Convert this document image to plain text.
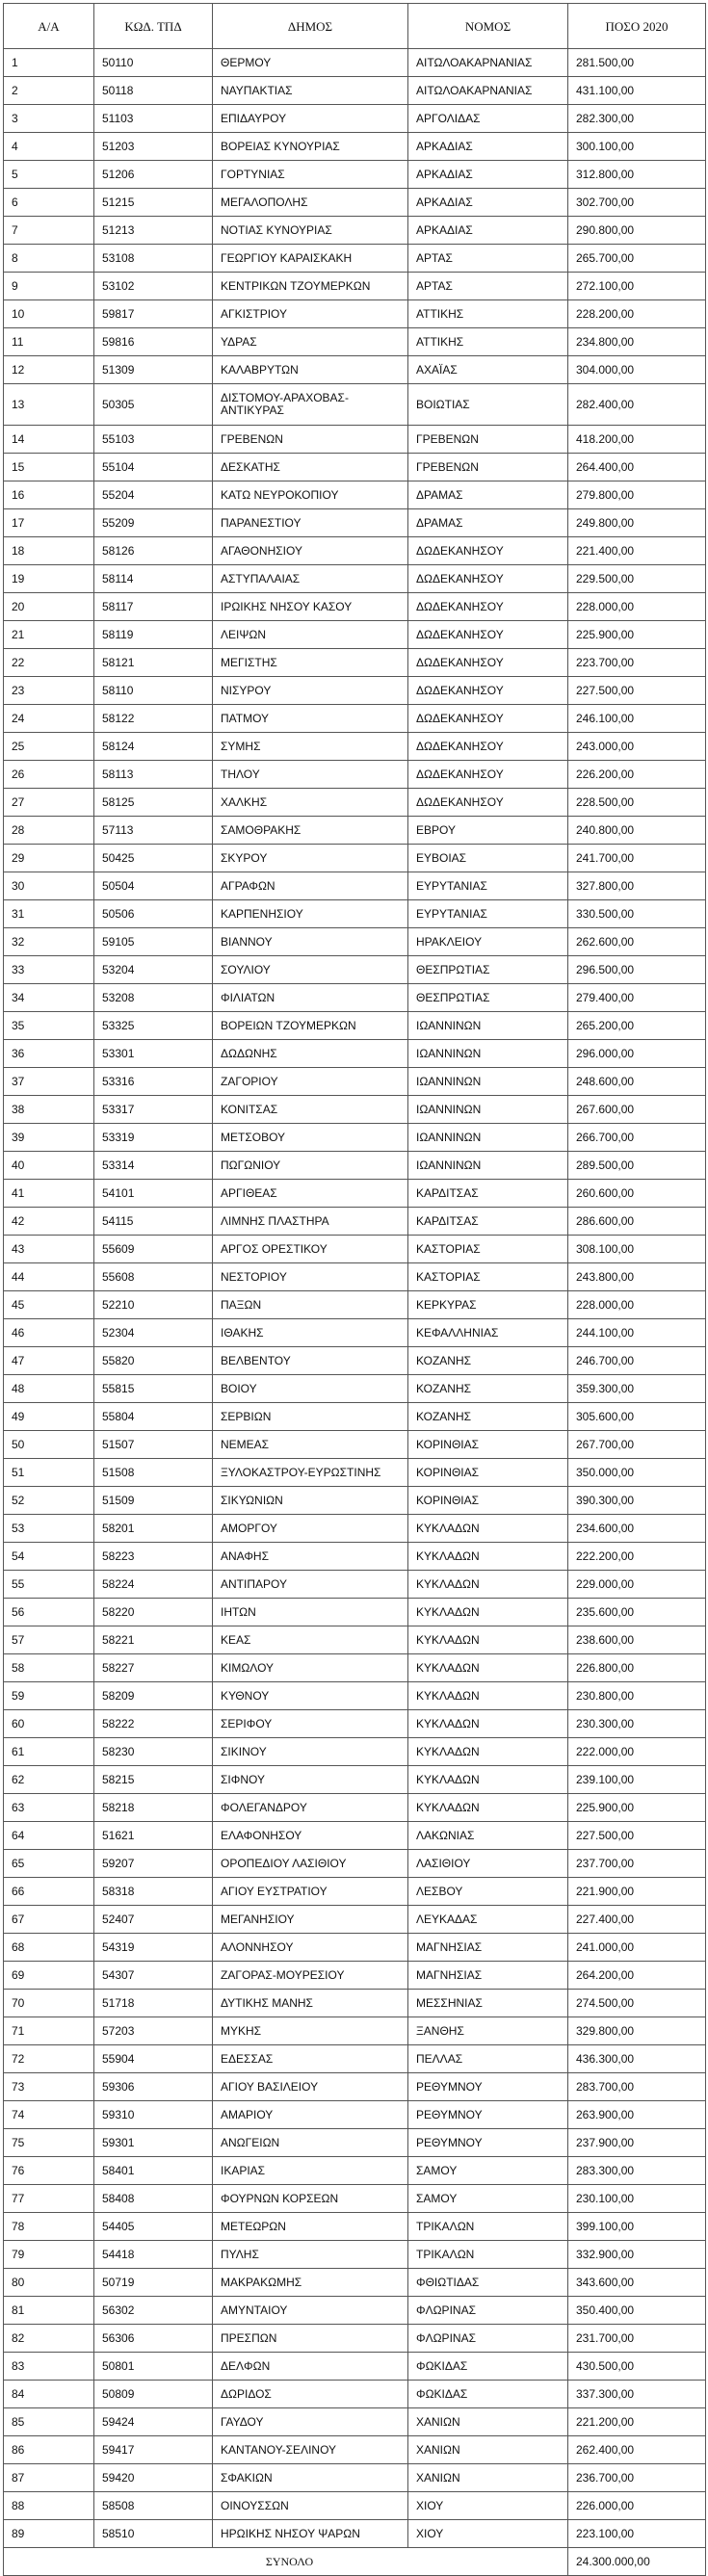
Α/Α	ΚΩΔ. ΤΠΔ	ΔΗΜΟΣ	ΝΟΜΟΣ	ΠΟΣΟ 2020
1	50110	ΘΕΡΜΟΥ	ΑΙΤΩΛΟΑΚΑΡΝΑΝΙΑΣ	281.500,00
2	50118	ΝΑΥΠΑΚΤΙΑΣ	ΑΙΤΩΛΟΑΚΑΡΝΑΝΙΑΣ	431.100,00
3	51103	ΕΠΙΔΑΥΡΟΥ	ΑΡΓΟΛΙΔΑΣ	282.300,00
4	51203	ΒΟΡΕΙΑΣ ΚΥΝΟΥΡΙΑΣ	ΑΡΚΑΔΙΑΣ	300.100,00
5	51206	ΓΟΡΤΥΝΙΑΣ	ΑΡΚΑΔΙΑΣ	312.800,00
6	51215	ΜΕΓΑΛΟΠΟΛΗΣ	ΑΡΚΑΔΙΑΣ	302.700,00
7	51213	ΝΟΤΙΑΣ ΚΥΝΟΥΡΙΑΣ	ΑΡΚΑΔΙΑΣ	290.800,00
8	53108	ΓΕΩΡΓΙΟΥ ΚΑΡΑΙΣΚΑΚΗ	ΑΡΤΑΣ	265.700,00
9	53102	ΚΕΝΤΡΙΚΩΝ ΤΖΟΥΜΕΡΚΩΝ	ΑΡΤΑΣ	272.100,00
10	59817	ΑΓΚΙΣΤΡΙΟΥ	ΑΤΤΙΚΗΣ	228.200,00
11	59816	ΥΔΡΑΣ	ΑΤΤΙΚΗΣ	234.800,00
12	51309	ΚΑΛΑΒΡΥΤΩΝ	ΑΧΑΪΑΣ	304.000,00
13	50305	ΔΙΣΤΟΜΟΥ-ΑΡΑΧΟΒΑΣ-ΑΝΤΙΚΥΡΑΣ	ΒΟΙΩΤΙΑΣ	282.400,00
14	55103	ΓΡΕΒΕΝΩΝ	ΓΡΕΒΕΝΩΝ	418.200,00
15	55104	ΔΕΣΚΑΤΗΣ	ΓΡΕΒΕΝΩΝ	264.400,00
16	55204	ΚΑΤΩ ΝΕΥΡΟΚΟΠΙΟΥ	ΔΡΑΜΑΣ	279.800,00
17	55209	ΠΑΡΑΝΕΣΤΙΟΥ	ΔΡΑΜΑΣ	249.800,00
18	58126	ΑΓΑΘΟΝΗΣΙΟΥ	ΔΩΔΕΚΑΝΗΣΟΥ	221.400,00
19	58114	ΑΣΤΥΠΑΛΑΙΑΣ	ΔΩΔΕΚΑΝΗΣΟΥ	229.500,00
20	58117	ΙΡΩΙΚΗΣ ΝΗΣΟΥ ΚΑΣΟΥ	ΔΩΔΕΚΑΝΗΣΟΥ	228.000,00
21	58119	ΛΕΙΨΩΝ	ΔΩΔΕΚΑΝΗΣΟΥ	225.900,00
22	58121	ΜΕΓΙΣΤΗΣ	ΔΩΔΕΚΑΝΗΣΟΥ	223.700,00
23	58110	ΝΙΣΥΡΟΥ	ΔΩΔΕΚΑΝΗΣΟΥ	227.500,00
24	58122	ΠΑΤΜΟΥ	ΔΩΔΕΚΑΝΗΣΟΥ	246.100,00
25	58124	ΣΥΜΗΣ	ΔΩΔΕΚΑΝΗΣΟΥ	243.000,00
26	58113	ΤΗΛΟΥ	ΔΩΔΕΚΑΝΗΣΟΥ	226.200,00
27	58125	ΧΑΛΚΗΣ	ΔΩΔΕΚΑΝΗΣΟΥ	228.500,00
28	57113	ΣΑΜΟΘΡΑΚΗΣ	ΕΒΡΟΥ	240.800,00
29	50425	ΣΚΥΡΟΥ	ΕΥΒΟΙΑΣ	241.700,00
30	50504	ΑΓΡΑΦΩΝ	ΕΥΡΥΤΑΝΙΑΣ	327.800,00
31	50506	ΚΑΡΠΕΝΗΣΙΟΥ	ΕΥΡΥΤΑΝΙΑΣ	330.500,00
32	59105	ΒΙΑΝΝΟΥ	ΗΡΑΚΛΕΙΟΥ	262.600,00
33	53204	ΣΟΥΛΙΟΥ	ΘΕΣΠΡΩΤΙΑΣ	296.500,00
34	53208	ΦΙΛΙΑΤΩΝ	ΘΕΣΠΡΩΤΙΑΣ	279.400,00
35	53325	ΒΟΡΕΙΩΝ ΤΖΟΥΜΕΡΚΩΝ	ΙΩΑΝΝΙΝΩΝ	265.200,00
36	53301	ΔΩΔΩΝΗΣ	ΙΩΑΝΝΙΝΩΝ	296.000,00
37	53316	ΖΑΓΟΡΙΟΥ	ΙΩΑΝΝΙΝΩΝ	248.600,00
38	53317	ΚΟΝΙΤΣΑΣ	ΙΩΑΝΝΙΝΩΝ	267.600,00
39	53319	ΜΕΤΣΟΒΟΥ	ΙΩΑΝΝΙΝΩΝ	266.700,00
40	53314	ΠΩΓΩΝΙΟΥ	ΙΩΑΝΝΙΝΩΝ	289.500,00
41	54101	ΑΡΓΙΘΕΑΣ	ΚΑΡΔΙΤΣΑΣ	260.600,00
42	54115	ΛΙΜΝΗΣ ΠΛΑΣΤΗΡΑ	ΚΑΡΔΙΤΣΑΣ	286.600,00
43	55609	ΑΡΓΟΣ ΟΡΕΣΤΙΚΟΥ	ΚΑΣΤΟΡΙΑΣ	308.100,00
44	55608	ΝΕΣΤΟΡΙΟΥ	ΚΑΣΤΟΡΙΑΣ	243.800,00
45	52210	ΠΑΞΩΝ	ΚΕΡΚΥΡΑΣ	228.000,00
46	52304	ΙΘΑΚΗΣ	ΚΕΦΑΛΛΗΝΙΑΣ	244.100,00
47	55820	ΒΕΛΒΕΝΤΟΥ	ΚΟΖΑΝΗΣ	246.700,00
48	55815	ΒΟΙΟΥ	ΚΟΖΑΝΗΣ	359.300,00
49	55804	ΣΕΡΒΙΩΝ	ΚΟΖΑΝΗΣ	305.600,00
50	51507	ΝΕΜΕΑΣ	ΚΟΡΙΝΘΙΑΣ	267.700,00
51	51508	ΞΥΛΟΚΑΣΤΡΟΥ-ΕΥΡΩΣΤΙΝΗΣ	ΚΟΡΙΝΘΙΑΣ	350.000,00
52	51509	ΣΙΚΥΩΝΙΩΝ	ΚΟΡΙΝΘΙΑΣ	390.300,00
53	58201	ΑΜΟΡΓΟΥ	ΚΥΚΛΑΔΩΝ	234.600,00
54	58223	ΑΝΑΦΗΣ	ΚΥΚΛΑΔΩΝ	222.200,00
55	58224	ΑΝΤΙΠΑΡΟΥ	ΚΥΚΛΑΔΩΝ	229.000,00
56	58220	ΙΗΤΩΝ	ΚΥΚΛΑΔΩΝ	235.600,00
57	58221	ΚΕΑΣ	ΚΥΚΛΑΔΩΝ	238.600,00
58	58227	ΚΙΜΩΛΟΥ	ΚΥΚΛΑΔΩΝ	226.800,00
59	58209	ΚΥΘΝΟΥ	ΚΥΚΛΑΔΩΝ	230.800,00
60	58222	ΣΕΡΙΦΟΥ	ΚΥΚΛΑΔΩΝ	230.300,00
61	58230	ΣΙΚΙΝΟΥ	ΚΥΚΛΑΔΩΝ	222.000,00
62	58215	ΣΙΦΝΟΥ	ΚΥΚΛΑΔΩΝ	239.100,00
63	58218	ΦΟΛΕΓΑΝΔΡΟΥ	ΚΥΚΛΑΔΩΝ	225.900,00
64	51621	ΕΛΑΦΟΝΗΣΟΥ	ΛΑΚΩΝΙΑΣ	227.500,00
65	59207	ΟΡΟΠΕΔΙΟΥ ΛΑΣΙΘΙΟΥ	ΛΑΣΙΘΙΟΥ	237.700,00
66	58318	ΑΓΙΟΥ ΕΥΣΤΡΑΤΙΟΥ	ΛΕΣΒΟΥ	221.900,00
67	52407	ΜΕΓΑΝΗΣΙΟΥ	ΛΕΥΚΑΔΑΣ	227.400,00
68	54319	ΑΛΟΝΝΗΣΟΥ	ΜΑΓΝΗΣΙΑΣ	241.000,00
69	54307	ΖΑΓΟΡΑΣ-ΜΟΥΡΕΣΙΟΥ	ΜΑΓΝΗΣΙΑΣ	264.200,00
70	51718	ΔΥΤΙΚΗΣ ΜΑΝΗΣ	ΜΕΣΣΗΝΙΑΣ	274.500,00
71	57203	ΜΥΚΗΣ	ΞΑΝΘΗΣ	329.800,00
72	55904	ΕΔΕΣΣΑΣ	ΠΕΛΛΑΣ	436.300,00
73	59306	ΑΓΙΟΥ ΒΑΣΙΛΕΙΟΥ	ΡΕΘΥΜΝΟΥ	283.700,00
74	59310	ΑΜΑΡΙΟΥ	ΡΕΘΥΜΝΟΥ	263.900,00
75	59301	ΑΝΩΓΕΙΩΝ	ΡΕΘΥΜΝΟΥ	237.900,00
76	58401	ΙΚΑΡΙΑΣ	ΣΑΜΟΥ	283.300,00
77	58408	ΦΟΥΡΝΩΝ ΚΟΡΣΕΩΝ	ΣΑΜΟΥ	230.100,00
78	54405	ΜΕΤΕΩΡΩΝ	ΤΡΙΚΑΛΩΝ	399.100,00
79	54418	ΠΥΛΗΣ	ΤΡΙΚΑΛΩΝ	332.900,00
80	50719	ΜΑΚΡΑΚΩΜΗΣ	ΦΘΙΩΤΙΔΑΣ	343.600,00
81	56302	ΑΜΥΝΤΑΙΟΥ	ΦΛΩΡΙΝΑΣ	350.400,00
82	56306	ΠΡΕΣΠΩΝ	ΦΛΩΡΙΝΑΣ	231.700,00
83	50801	ΔΕΛΦΩΝ	ΦΩΚΙΔΑΣ	430.500,00
84	50809	ΔΩΡΙΔΟΣ	ΦΩΚΙΔΑΣ	337.300,00
85	59424	ΓΑΥΔΟΥ	ΧΑΝΙΩΝ	221.200,00
86	59417	ΚΑΝΤΑΝΟΥ-ΣΕΛΙΝΟΥ	ΧΑΝΙΩΝ	262.400,00
87	59420	ΣΦΑΚΙΩΝ	ΧΑΝΙΩΝ	236.700,00
88	58508	ΟΙΝΟΥΣΣΩΝ	ΧΙΟΥ	226.000,00
89	58510	ΗΡΩΙΚΗΣ ΝΗΣΟΥ ΨΑΡΩΝ	ΧΙΟΥ	223.100,00
ΣΥΝΟΛΟ				24.300.000,00
